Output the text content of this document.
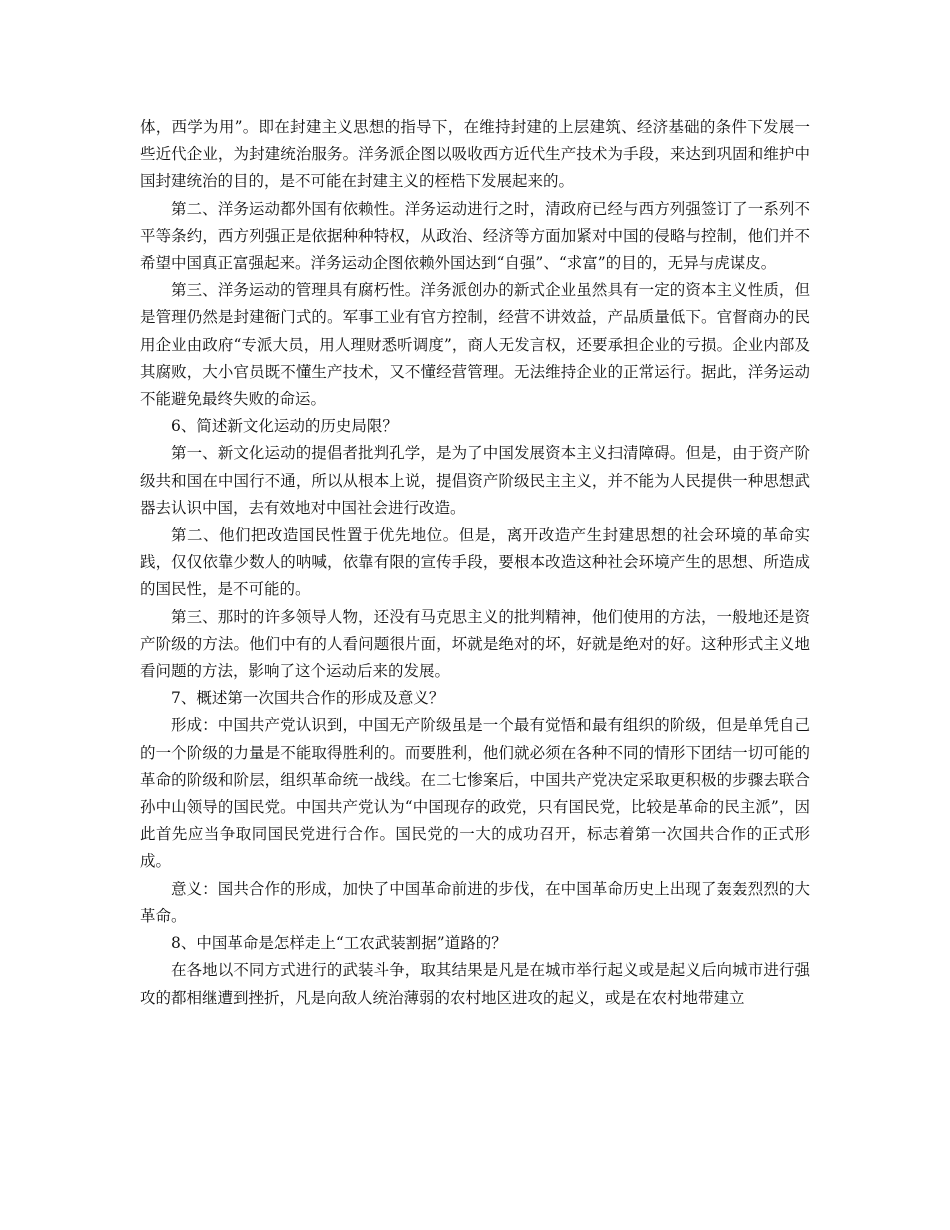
体，西学为用”。即在封建主义思想的指导下，在维持封建的上层建筑、经济基础的条件下发展一些近代企业，为封建统治服务。洋务派企图以吸收西方近代生产技术为手段，来达到巩固和维护中国封建统治的目的，是不可能在封建主义的桎梏下发展起来的。

第二、洋务运动都外国有依赖性。洋务运动进行之时，清政府已经与西方列强签订了一系列不平等条约，西方列强正是依据种种特权，从政治、经济等方面加紧对中国的侵略与控制，他们并不希望中国真正富强起来。洋务运动企图依赖外国达到“自强”、“求富”的目的，无异与虎谋皮。

第三、洋务运动的管理具有腐朽性。洋务派创办的新式企业虽然具有一定的资本主义性质，但是管理仍然是封建衙门式的。军事工业有官方控制，经营不讲效益，产品质量低下。官督商办的民用企业由政府“专派大员，用人理财悉听调度”，商人无发言权，还要承担企业的亏损。企业内部及其腐败，大小官员既不懂生产技术，又不懂经营管理。无法维持企业的正常运行。据此，洋务运动不能避免最终失败的命运。

6、简述新文化运动的历史局限？

第一、新文化运动的提倡者批判孔学，是为了中国发展资本主义扫清障碍。但是，由于资产阶级共和国在中国行不通，所以从根本上说，提倡资产阶级民主主义，并不能为人民提供一种思想武器去认识中国，去有效地对中国社会进行改造。

第二、他们把改造国民性置于优先地位。但是，离开改造产生封建思想的社会环境的革命实践，仅仅依靠少数人的呐喊，依靠有限的宣传手段，要根本改造这种社会环境产生的思想、所造成的国民性，是不可能的。

第三、那时的许多领导人物，还没有马克思主义的批判精神，他们使用的方法，一般地还是资产阶级的方法。他们中有的人看问题很片面，坏就是绝对的坏，好就是绝对的好。这种形式主义地看问题的方法，影响了这个运动后来的发展。

7、概述第一次国共合作的形成及意义？

形成：中国共产党认识到，中国无产阶级虽是一个最有觉悟和最有组织的阶级，但是单凭自己的一个阶级的力量是不能取得胜利的。而要胜利，他们就必须在各种不同的情形下团结一切可能的革命的阶级和阶层，组织革命统一战线。在二七惨案后，中国共产党决定采取更积极的步骤去联合孙中山领导的国民党。中国共产党认为“中国现存的政党，只有国民党，比较是革命的民主派”，因此首先应当争取同国民党进行合作。国民党的一大的成功召开，标志着第一次国共合作的正式形成。

意义：国共合作的形成，加快了中国革命前进的步伐，在中国革命历史上出现了轰轰烈烈的大革命。

8、中国革命是怎样走上“工农武装割据”道路的？

在各地以不同方式进行的武装斗争，取其结果是凡是在城市举行起义或是起义后向城市进行强攻的都相继遭到挫折，凡是向敌人统治薄弱的农村地区进攻的起义，或是在农村地带建立
